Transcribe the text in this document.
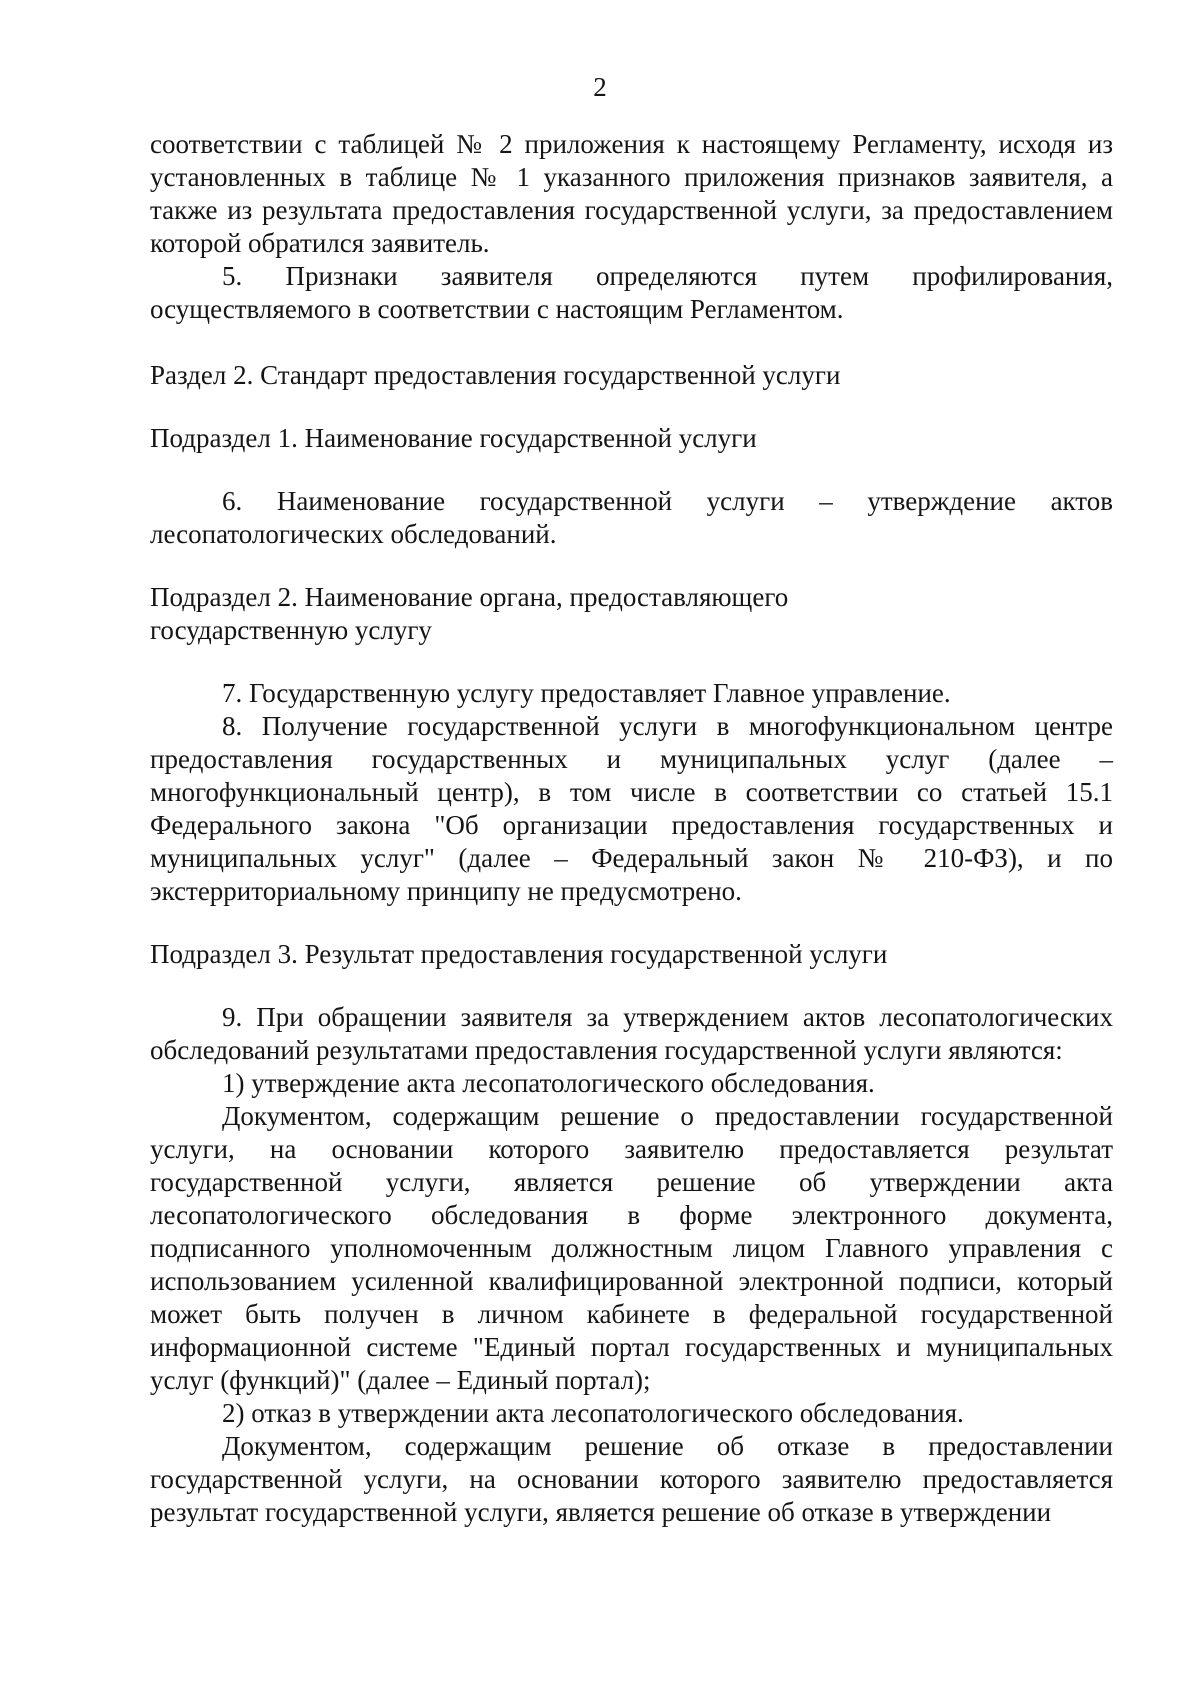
2

соответствии с таблицей № 2 приложения к настоящему Регламенту, исходя из установленных в таблице № 1 указанного приложения признаков заявителя, а также из результата предоставления государственной услуги, за предоставлением которой обратился заявитель.

5. Признаки заявителя определяются путем профилирования, осуществляемого в соответствии с настоящим Регламентом.

Раздел 2. Стандарт предоставления государственной услуги

Подраздел 1. Наименование государственной услуги

6. Наименование государственной услуги – утверждение актов лесопатологических обследований.

Подраздел 2. Наименование органа, предоставляющего

государственную услугу

7. Государственную услугу предоставляет Главное управление.

8. Получение государственной услуги в многофункциональном центре предоставления государственных и муниципальных услуг (далее – многофункциональный центр), в том числе в соответствии со статьей 15.1 Федерального закона "Об организации предоставления государственных и муниципальных услуг" (далее – Федеральный закон № 210-ФЗ), и по экстерриториальному принципу не предусмотрено.

Подраздел 3. Результат предоставления государственной услуги

9. При обращении заявителя за утверждением актов лесопатологических обследований результатами предоставления государственной услуги являются:

1) утверждение акта лесопатологического обследования.

Документом, содержащим решение о предоставлении государственной услуги, на основании которого заявителю предоставляется результат государственной услуги, является решение об утверждении акта лесопатологического обследования в форме электронного документа, подписанного уполномоченным должностным лицом Главного управления с использованием усиленной квалифицированной электронной подписи, который может быть получен в личном кабинете в федеральной государственной информационной системе "Единый портал государственных и муниципальных услуг (функций)" (далее – Единый портал);

2) отказ в утверждении акта лесопатологического обследования.

Документом, содержащим решение об отказе в предоставлении государственной услуги, на основании которого заявителю предоставляется результат государственной услуги, является решение об отказе в утверждении
